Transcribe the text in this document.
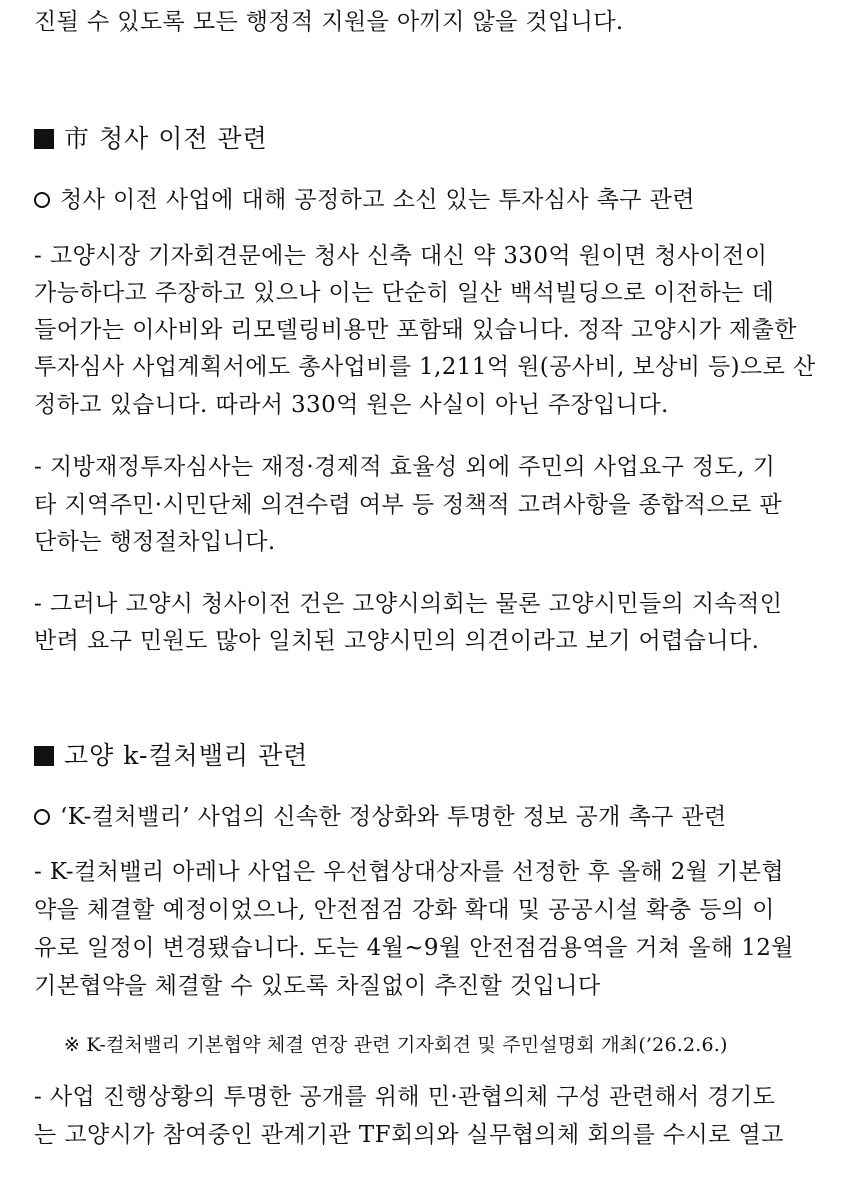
진될 수 있도록 모든 행정적 지원을 아끼지 않을 것입니다.
市 청사 이전 관련
청사 이전 사업에 대해 공정하고 소신 있는 투자심사 촉구 관련
- 고양시장 기자회견문에는 청사 신축 대신 약 330억 원이면 청사이전이
가능하다고 주장하고 있으나 이는 단순히 일산 백석빌딩으로 이전하는 데
들어가는 이사비와 리모델링비용만 포함돼 있습니다. 정작 고양시가 제출한
투자심사 사업계획서에도 총사업비를 1,211억 원(공사비, 보상비 등)으로 산
정하고 있습니다. 따라서 330억 원은 사실이 아닌 주장입니다.
- 지방재정투자심사는 재정·경제적 효율성 외에 주민의 사업요구 정도, 기
타 지역주민·시민단체 의견수렴 여부 등 정책적 고려사항을 종합적으로 판
단하는 행정절차입니다.
- 그러나 고양시 청사이전 건은 고양시의회는 물론 고양시민들의 지속적인
반려 요구 민원도 많아 일치된 고양시민의 의견이라고 보기 어렵습니다.
고양 k-컬처밸리 관련
‘K-컬처밸리’ 사업의 신속한 정상화와 투명한 정보 공개 촉구 관련
- K-컬처밸리 아레나 사업은 우선협상대상자를 선정한 후 올해 2월 기본협
약을 체결할 예정이었으나, 안전점검 강화 확대 및 공공시설 확충 등의 이
유로 일정이 변경됐습니다. 도는 4월~9월 안전점검용역을 거쳐 올해 12월
기본협약을 체결할 수 있도록 차질없이 추진할 것입니다
※ K-컬처밸리 기본협약 체결 연장 관련 기자회견 및 주민설명회 개최(’26.2.6.)
- 사업 진행상황의 투명한 공개를 위해 민·관협의체 구성 관련해서 경기도
는 고양시가 참여중인 관계기관 TF회의와 실무협의체 회의를 수시로 열고
